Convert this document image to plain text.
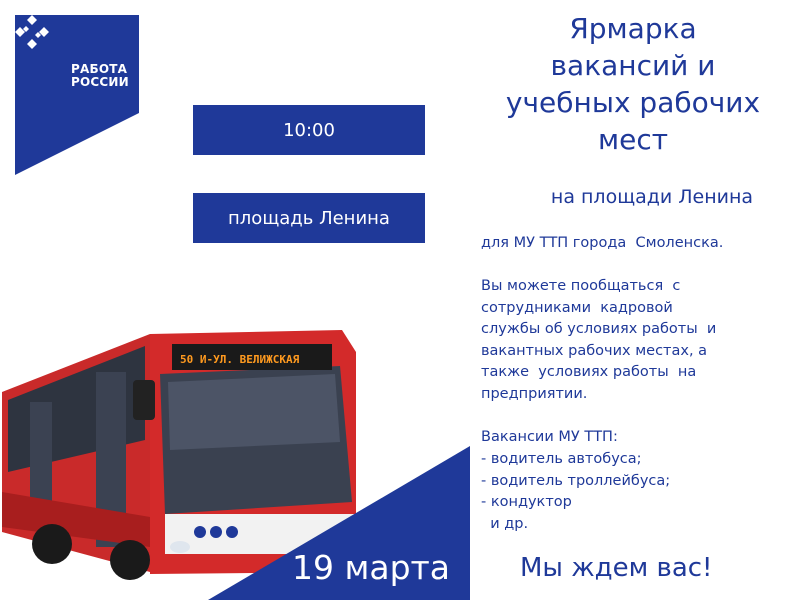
РАБОТА
РОССИИ
10:00
площадь Ленина
Ярмарка
вакансий и
учебных рабочих
мест
на площади Ленина
для МУ ТТП города  Смоленска.
Вы можете пообщаться  с
сотрудниками  кадровой
службы об условиях работы  и
вакантных рабочих местах, а
также  условиях работы  на
предприятии.
Вакансии МУ ТТП:
- водитель автобуса;
- водитель троллейбуса;
- кондуктор
и др.
50 И-УЛ. ВЕЛИЖСКАЯ
19 марта	Мы ждем вас!
